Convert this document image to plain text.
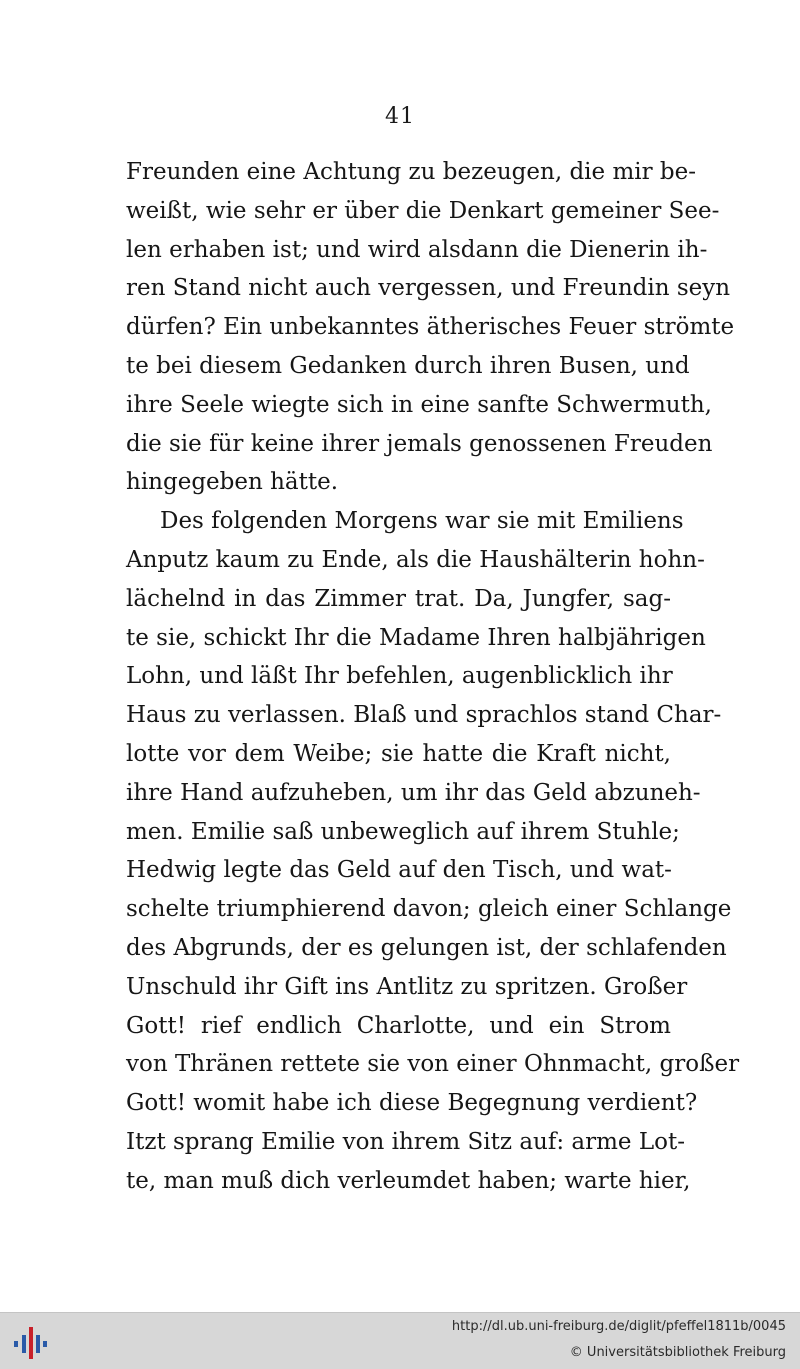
41
Freunden eine Achtung zu bezeugen, die mir be-
weißt, wie sehr er über die Denkart gemeiner See-
len erhaben ist; und wird alsdann die Dienerin ih-
ren Stand nicht auch vergessen, und Freundin seyn
dürfen? Ein unbekanntes ätherisches Feuer strömte
te bei diesem Gedanken durch ihren Busen, und
ihre Seele wiegte sich in eine sanfte Schwermuth,
die sie für keine ihrer jemals genossenen Freuden
hingegeben hätte.
Des folgenden Morgens war sie mit Emiliens
Anputz kaum zu Ende, als die Haushälterin hohn-
lächelnd in das Zimmer trat. Da, Jungfer, sag-
te sie, schickt Ihr die Madame Ihren halbjährigen
Lohn, und läßt Ihr befehlen, augenblicklich ihr
Haus zu verlassen. Blaß und sprachlos stand Char-
lotte vor dem Weibe; sie hatte die Kraft nicht,
ihre Hand aufzuheben, um ihr das Geld abzuneh-
men. Emilie saß unbeweglich auf ihrem Stuhle;
Hedwig legte das Geld auf den Tisch, und wat-
schelte triumphierend davon; gleich einer Schlange
des Abgrunds, der es gelungen ist, der schlafenden
Unschuld ihr Gift ins Antlitz zu spritzen. Großer
Gott! rief endlich Charlotte, und ein Strom
von Thränen rettete sie von einer Ohnmacht, großer
Gott! womit habe ich diese Begegnung verdient?
Itzt sprang Emilie von ihrem Sitz auf: arme Lot-
te, man muß dich verleumdet haben; warte hier,
http://dl.ub.uni-freiburg.de/diglit/pfeffel1811b/0045
© Universitätsbibliothek Freiburg
